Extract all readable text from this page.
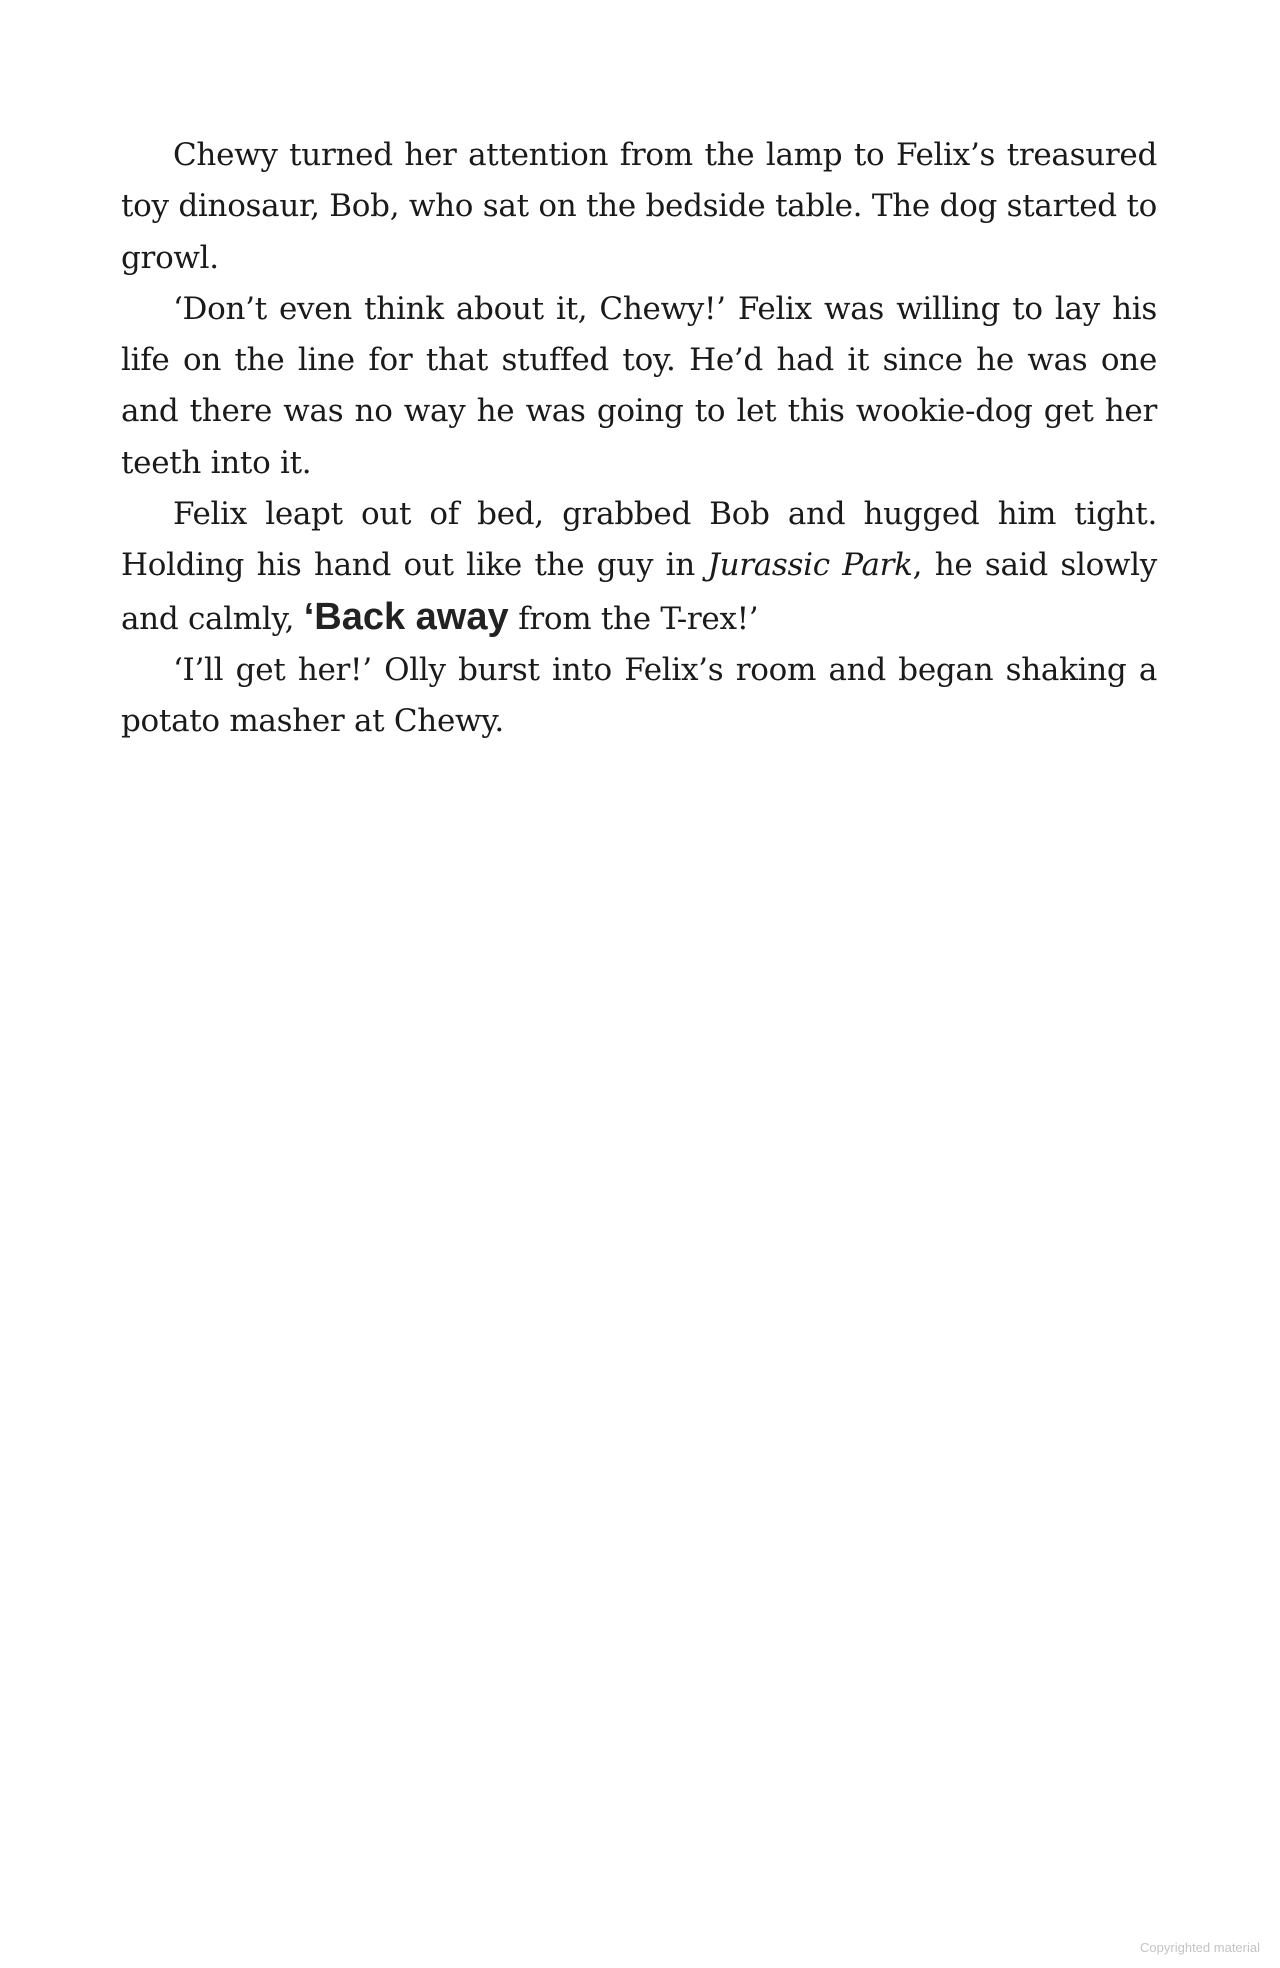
Chewy turned her attention from the lamp to Felix’s treasured toy dinosaur, Bob, who sat on the bedside table. The dog started to growl.

‘Don’t even think about it, Chewy!’ Felix was willing to lay his life on the line for that stuffed toy. He’d had it since he was one and there was no way he was going to let this wookie-dog get her teeth into it.

Felix leapt out of bed, grabbed Bob and hugged him tight. Holding his hand out like the guy in Jurassic Park, he said slowly and calmly, ‘Back away from the T-rex!’

‘I’ll get her!’ Olly burst into Felix’s room and began shaking a potato masher at Chewy.

Copyrighted material
